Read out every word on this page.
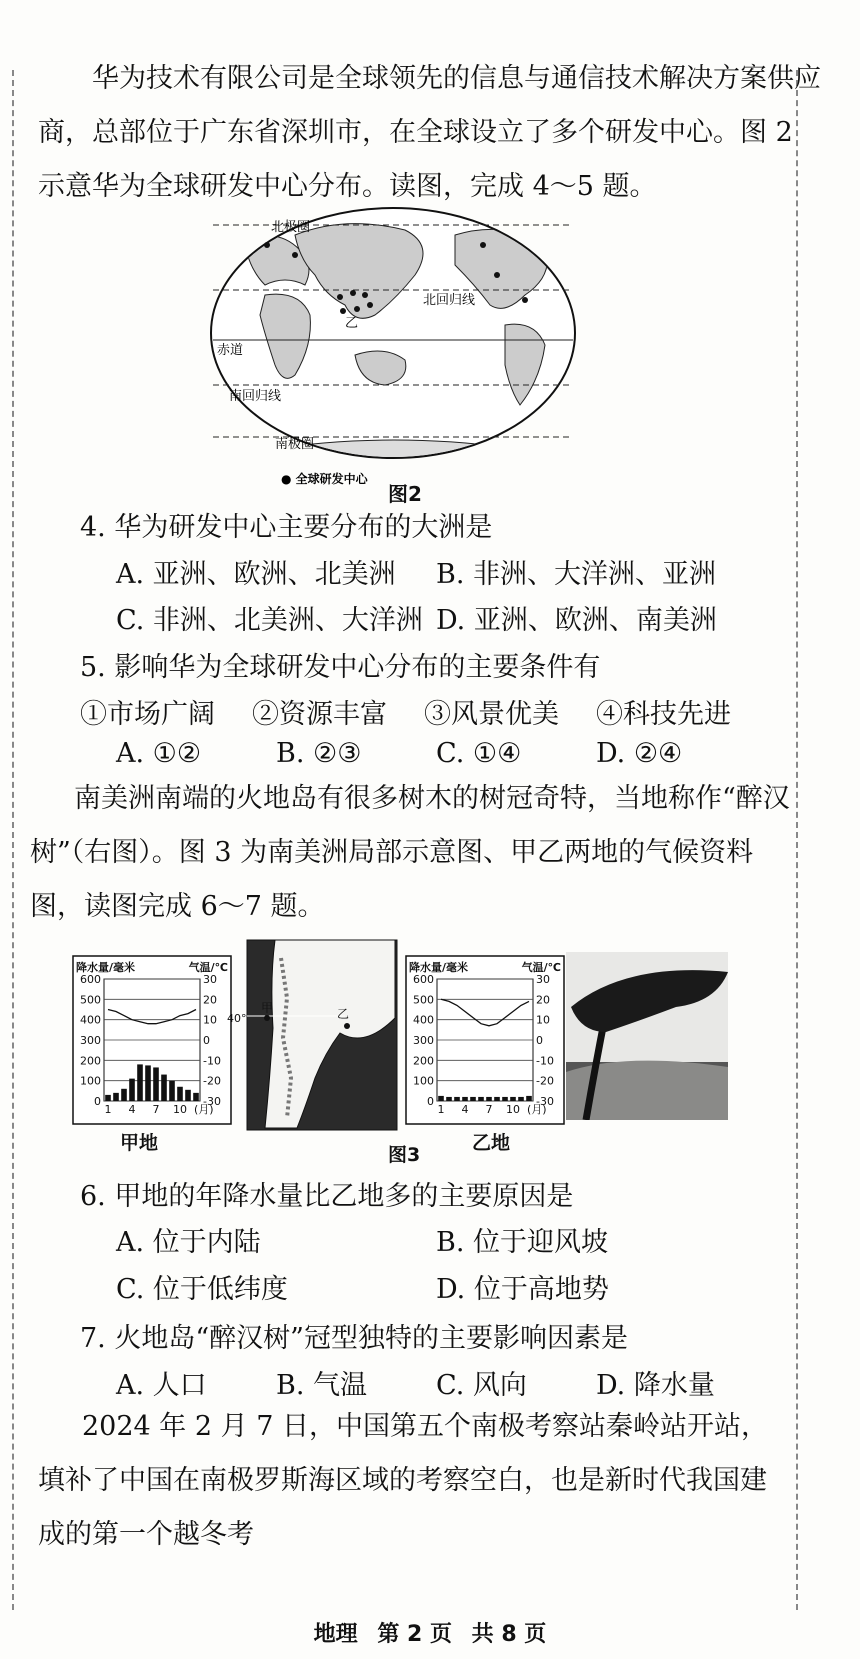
华为技术有限公司是全球领先的信息与通信技术解决方案供应商，总部位于广东省深圳市，在全球设立了多个研发中心。图 2 示意华为全球研发中心分布。读图，完成 4～5 题。
北极圈
北回归线
赤道
南回归线
南极圈
乙
● 全球研发中心
图2
4. 华为研发中心主要分布的大洲是
A. 亚洲、欧洲、北美洲 B. 非洲、大洋洲、亚洲
C. 非洲、北美洲、大洋洲 D. 亚洲、欧洲、南美洲
5. 影响华为全球研发中心分布的主要条件有
①市场广阔 ②资源丰富 ③风景优美 ④科技先进
A. ①②	B. ②③	C. ①④	D. ②④
南美洲南端的火地岛有很多树木的树冠奇特，当地称作“醉汉树”（右图）。图 3 为南美洲局部示意图、甲乙两地的气候资料图，读图完成 6～7 题。
0
100
200
300
400
500
600
-30
-20
-10
0
10
20
30
1 4 7 10 (月)
降水量/毫米	气温/℃
0
100
200
300
400
500
600
-30
-20
-10
0
10
20
30
1 4 7 10 (月)
降水量/毫米	气温/℃
40°
甲	乙
甲地
图3
乙地
6. 甲地的年降水量比乙地多的主要原因是
A. 位于内陆	B. 位于迎风坡
C. 位于低纬度	D. 位于高地势
7. 火地岛“醉汉树”冠型独特的主要影响因素是
A. 人口	B. 气温	C. 风向	D. 降水量
2024 年 2 月 7 日，中国第五个南极考察站秦岭站开站，填补了中国在南极罗斯海区域的考察空白，也是新时代我国建成的第一个越冬考
地理 第 2 页 共 8 页
